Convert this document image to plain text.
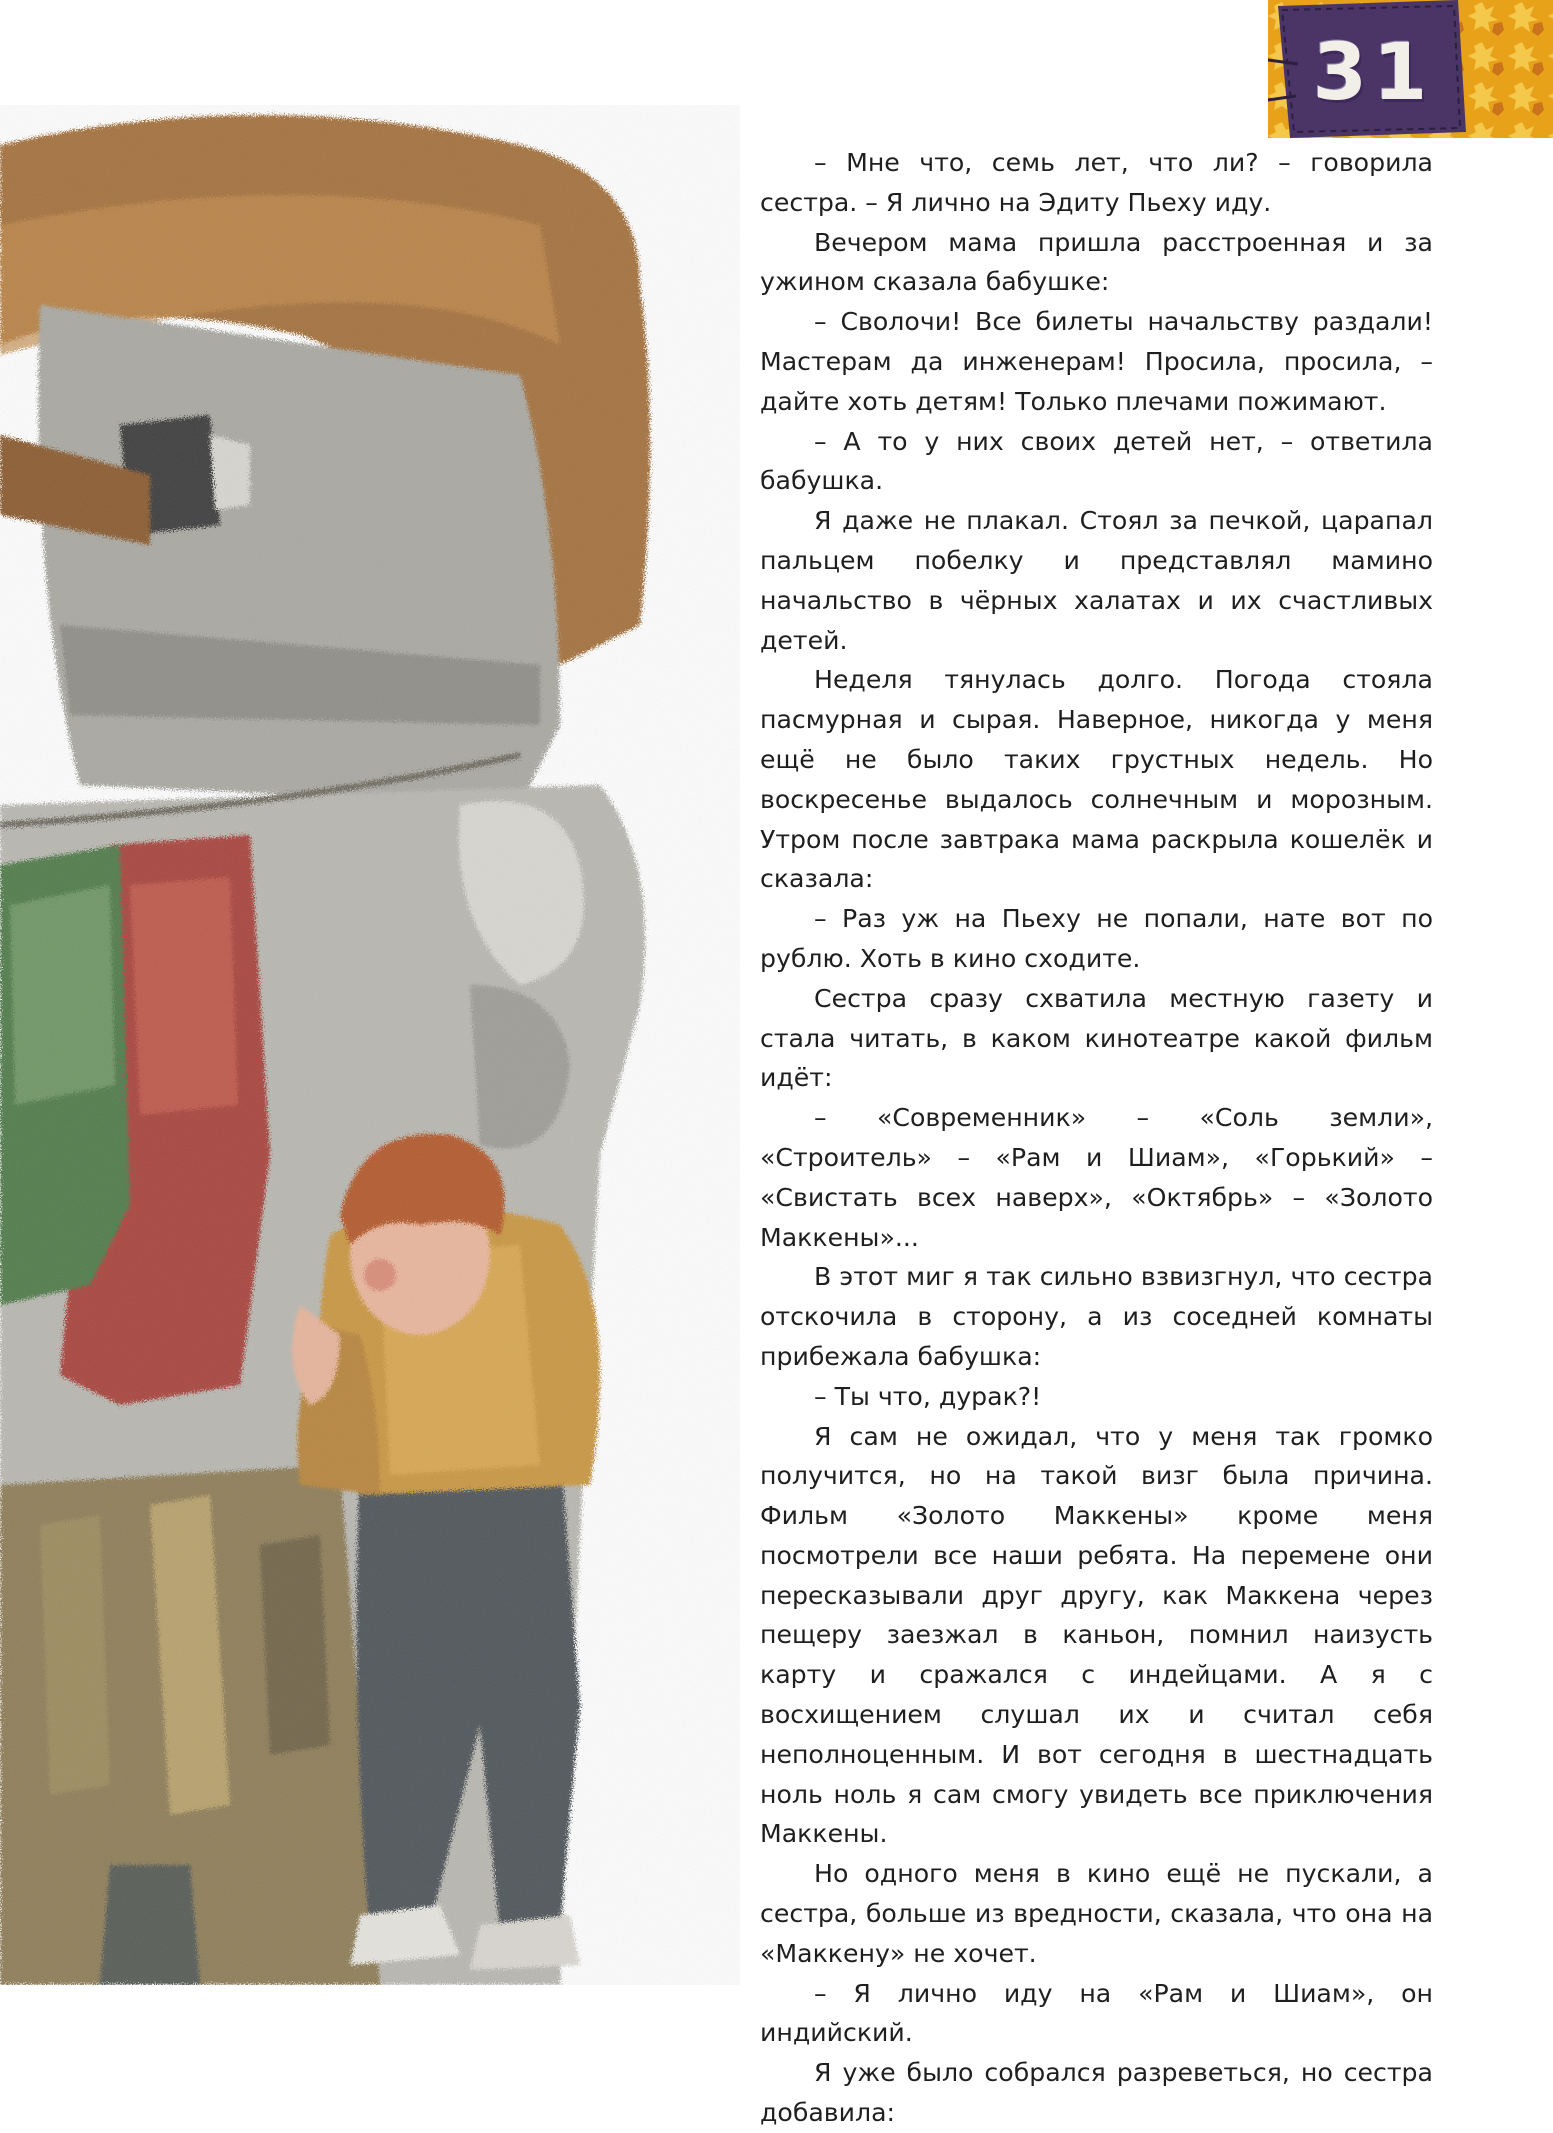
31

– Мне что, семь лет, что ли? – говорила сестра. – Я лично на Эдиту Пьеху иду.

Вечером мама пришла расстроенная и за ужином сказала бабушке:

– Сволочи! Все билеты начальству раздали! Мастерам да инженерам! Просила, просила, – дайте хоть детям! Только плечами пожимают.

– А то у них своих детей нет, – ответила бабушка.

Я даже не плакал. Стоял за печкой, царапал пальцем побелку и представлял мамино начальство в чёрных халатах и их счастливых детей.

Неделя тянулась долго. Погода стояла пасмурная и сырая. Наверное, никогда у меня ещё не было таких грустных недель. Но воскресенье выдалось солнечным и морозным. Утром после завтрака мама раскрыла кошелёк и сказала:

– Раз уж на Пьеху не попали, нате вот по рублю. Хоть в кино сходите.

Сестра сразу схватила местную газету и стала читать, в каком кинотеатре какой фильм идёт:

– «Современник» – «Соль земли», «Строитель» – «Рам и Шиам», «Горький» – «Свистать всех наверх», «Октябрь» – «Золото Маккены»...

В этот миг я так сильно взвизгнул, что сестра отскочила в сторону, а из соседней комнаты прибежала бабушка:

– Ты что, дурак?!

Я сам не ожидал, что у меня так громко получится, но на такой визг была причина. Фильм «Золото Маккены» кроме меня посмотрели все наши ребята. На перемене они пересказывали друг другу, как Маккена через пещеру заезжал в каньон, помнил наизусть карту и сражался с индейцами. А я с восхищением слушал их и считал себя неполноценным. И вот сегодня в шестнадцать ноль ноль я сам смогу увидеть все приключения Маккены.

Но одного меня в кино ещё не пускали, а сестра, больше из вредности, сказала, что она на «Маккену» не хочет.

– Я лично иду на «Рам и Шиам», он индийский.

Я уже было собрался разреветься, но сестра добавила:
